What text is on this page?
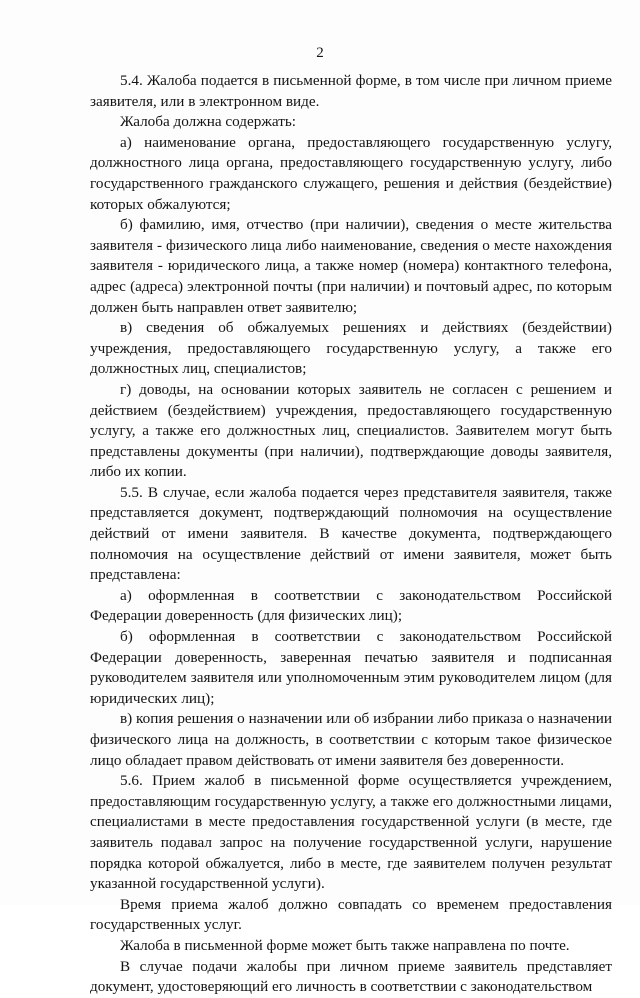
2

5.4. Жалоба подается в письменной форме, в том числе при личном приеме заявителя, или в электронном виде.

Жалоба должна содержать:

а) наименование органа, предоставляющего государственную услугу, должностного лица органа, предоставляющего государственную услугу, либо государственного гражданского служащего, решения и действия (бездействие) которых обжалуются;

б) фамилию, имя, отчество (при наличии), сведения о месте жительства заявителя - физического лица либо наименование, сведения о месте нахождения заявителя - юридического лица, а также номер (номера) контактного телефона, адрес (адреса) электронной почты (при наличии) и почтовый адрес, по которым должен быть направлен ответ заявителю;

в) сведения об обжалуемых решениях и действиях (бездействии) учреждения, предоставляющего государственную услугу, а также его должностных лиц, специалистов;

г) доводы, на основании которых заявитель не согласен с решением и действием (бездействием) учреждения, предоставляющего государственную услугу, а также его должностных лиц, специалистов. Заявителем могут быть представлены документы (при наличии), подтверждающие доводы заявителя, либо их копии.

5.5. В случае, если жалоба подается через представителя заявителя, также представляется документ, подтверждающий полномочия на осуществление действий от имени заявителя. В качестве документа, подтверждающего полномочия на осуществление действий от имени заявителя, может быть представлена:

а) оформленная в соответствии с законодательством Российской Федерации доверенность (для физических лиц);

б) оформленная в соответствии с законодательством Российской Федерации доверенность, заверенная печатью заявителя и подписанная руководителем заявителя или уполномоченным этим руководителем лицом (для юридических лиц);

в) копия решения о назначении или об избрании либо приказа о назначении физического лица на должность, в соответствии с которым такое физическое лицо обладает правом действовать от имени заявителя без доверенности.

5.6. Прием жалоб в письменной форме осуществляется учреждением, предоставляющим государственную услугу, а также его должностными лицами, специалистами в месте предоставления государственной услуги (в месте, где заявитель подавал запрос на получение государственной услуги, нарушение порядка которой обжалуется, либо в месте, где заявителем получен результат указанной государственной услуги).

Время приема жалоб должно совпадать со временем предоставления государственных услуг.

Жалоба в письменной форме может быть также направлена по почте.

В случае подачи жалобы при личном приеме заявитель представляет документ, удостоверяющий его личность в соответствии с законодательством
